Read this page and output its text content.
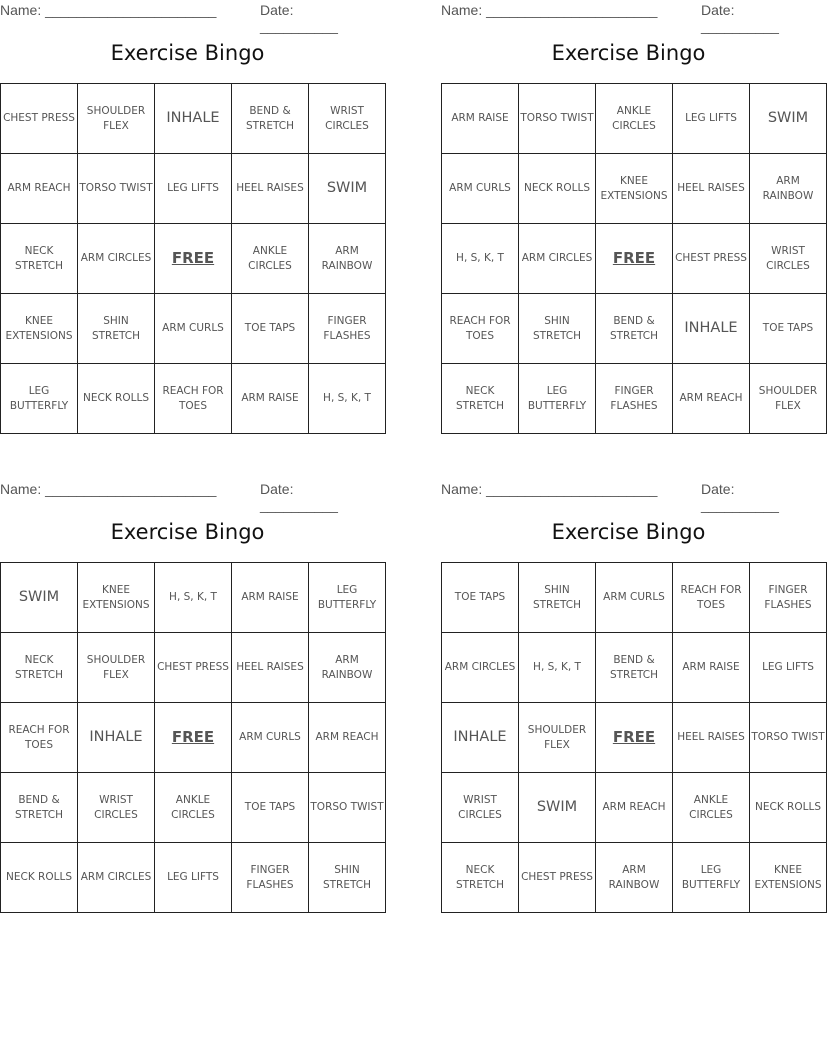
Name: ______________________	Date: __________
Exercise Bingo
CHEST PRESS	SHOULDER FLEX	INHALE	BEND & STRETCH	WRIST CIRCLES
ARM REACH	TORSO TWIST	LEG LIFTS	HEEL RAISES	SWIM
NECK STRETCH	ARM CIRCLES	FREE	ANKLE CIRCLES	ARM RAINBOW
KNEE EXTENSIONS	SHIN STRETCH	ARM CURLS	TOE TAPS	FINGER FLASHES
LEG BUTTERFLY	NECK ROLLS	REACH FOR TOES	ARM RAISE	H, S, K, T
Name: ______________________	Date: __________
Exercise Bingo
ARM RAISE	TORSO TWIST	ANKLE CIRCLES	LEG LIFTS	SWIM
ARM CURLS	NECK ROLLS	KNEE EXTENSIONS	HEEL RAISES	ARM RAINBOW
H, S, K, T	ARM CIRCLES	FREE	CHEST PRESS	WRIST CIRCLES
REACH FOR TOES	SHIN STRETCH	BEND & STRETCH	INHALE	TOE TAPS
NECK STRETCH	LEG BUTTERFLY	FINGER FLASHES	ARM REACH	SHOULDER FLEX
Name: ______________________	Date: __________
Exercise Bingo
SWIM	KNEE EXTENSIONS	H, S, K, T	ARM RAISE	LEG BUTTERFLY
NECK STRETCH	SHOULDER FLEX	CHEST PRESS	HEEL RAISES	ARM RAINBOW
REACH FOR TOES	INHALE	FREE	ARM CURLS	ARM REACH
BEND & STRETCH	WRIST CIRCLES	ANKLE CIRCLES	TOE TAPS	TORSO TWIST
NECK ROLLS	ARM CIRCLES	LEG LIFTS	FINGER FLASHES	SHIN STRETCH
Name: ______________________	Date: __________
Exercise Bingo
TOE TAPS	SHIN STRETCH	ARM CURLS	REACH FOR TOES	FINGER FLASHES
ARM CIRCLES	H, S, K, T	BEND & STRETCH	ARM RAISE	LEG LIFTS
INHALE	SHOULDER FLEX	FREE	HEEL RAISES	TORSO TWIST
WRIST CIRCLES	SWIM	ARM REACH	ANKLE CIRCLES	NECK ROLLS
NECK STRETCH	CHEST PRESS	ARM RAINBOW	LEG BUTTERFLY	KNEE EXTENSIONS
